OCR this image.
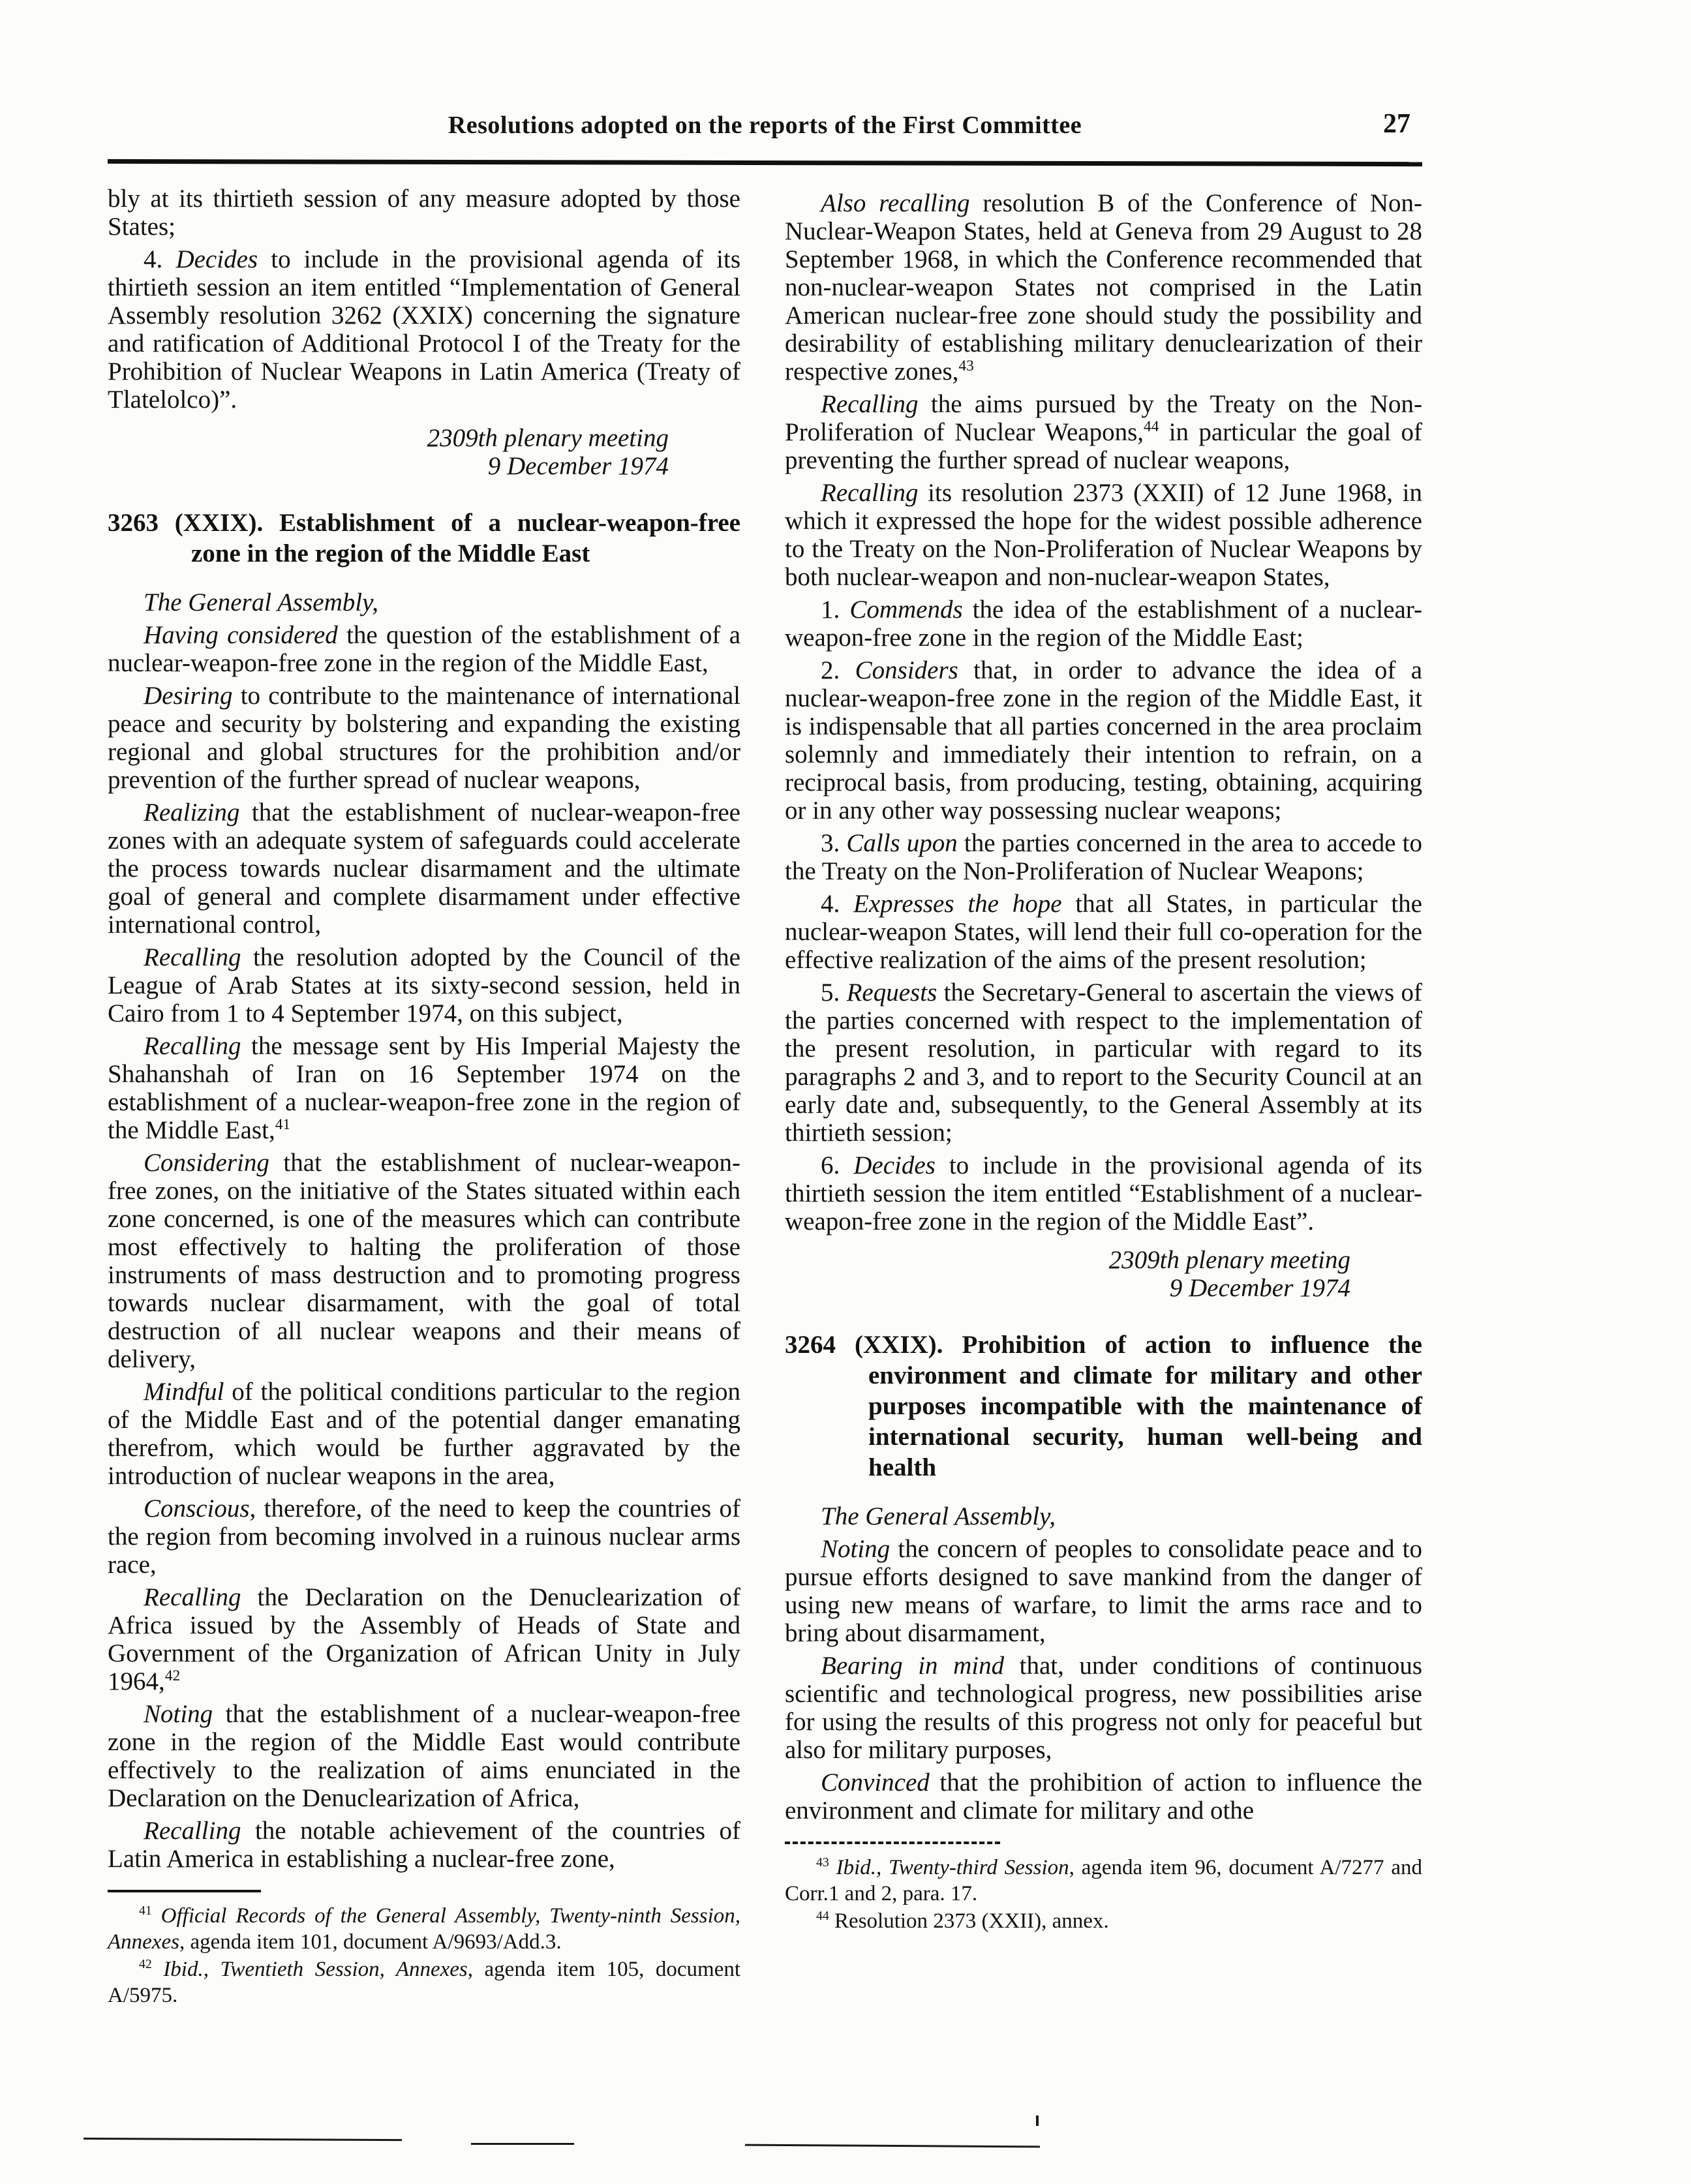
Resolutions adopted on the reports of the First Committee	27

bly at its thirtieth session of any measure adopted by those States;

4. Decides to include in the provisional agenda of its thirtieth session an item entitled “Implementation of General Assembly resolution 3262 (XXIX) concerning the signature and ratification of Additional Protocol I of the Treaty for the Prohibition of Nuclear Weapons in Latin America (Treaty of Tlatelolco)”.

2309th plenary meeting
9 December 1974
3263 (XXIX). Establishment of a nuclear-weapon-free zone in the region of the Middle East

The General Assembly,

Having considered the question of the establishment of a nuclear-weapon-free zone in the region of the Middle East,

Desiring to contribute to the maintenance of international peace and security by bolstering and expanding the existing regional and global structures for the prohibition and/or prevention of the further spread of nuclear weapons,

Realizing that the establishment of nuclear-weapon-free zones with an adequate system of safeguards could accelerate the process towards nuclear disarmament and the ultimate goal of general and complete disarmament under effective international control,

Recalling the resolution adopted by the Council of the League of Arab States at its sixty-second session, held in Cairo from 1 to 4 September 1974, on this subject,

Recalling the message sent by His Imperial Majesty the Shahanshah of Iran on 16 September 1974 on the establishment of a nuclear-weapon-free zone in the region of the Middle East,$^{41}$

Considering that the establishment of nuclear-weapon-free zones, on the initiative of the States situated within each zone concerned, is one of the measures which can contribute most effectively to halting the proliferation of those instruments of mass destruction and to promoting progress towards nuclear disarmament, with the goal of total destruction of all nuclear weapons and their means of delivery,

Mindful of the political conditions particular to the region of the Middle East and of the potential danger emanating therefrom, which would be further aggravated by the introduction of nuclear weapons in the area,

Conscious, therefore, of the need to keep the countries of the region from becoming involved in a ruinous nuclear arms race,

Recalling the Declaration on the Denuclearization of Africa issued by the Assembly of Heads of State and Government of the Organization of African Unity in July 1964,42

Noting that the establishment of a nuclear-weapon-free zone in the region of the Middle East would contribute effectively to the realization of aims enunciated in the Declaration on the Denuclearization of Africa,

Recalling the notable achievement of the countries of Latin America in establishing a nuclear-free zone,

$^{41}$ Official Records of the General Assembly, Twenty-ninth Session, Annexes, agenda item 101, document A/9693/Add.3.

$^{42}$ Ibid., Twentieth Session, Annexes, agenda item 105, document A/5975.

Also recalling resolution B of the Conference of Non-Nuclear-Weapon States, held at Geneva from 29 August to 28 September 1968, in which the Conference recommended that non-nuclear-weapon States not comprised in the Latin American nuclear-free zone should study the possibility and desirability of establishing military denuclearization of their respective zones,$^{43}$

Recalling the aims pursued by the Treaty on the Non-Proliferation of Nuclear Weapons,$^{44}$ in particular the goal of preventing the further spread of nuclear weapons,

Recalling its resolution 2373 (XXII) of 12 June 1968, in which it expressed the hope for the widest possible adherence to the Treaty on the Non-Proliferation of Nuclear Weapons by both nuclear-weapon and non-nuclear-weapon States,

1. Commends the idea of the establishment of a nuclear-weapon-free zone in the region of the Middle East;

2. Considers that, in order to advance the idea of a nuclear-weapon-free zone in the region of the Middle East, it is indispensable that all parties concerned in the area proclaim solemnly and immediately their intention to refrain, on a reciprocal basis, from producing, testing, obtaining, acquiring or in any other way possessing nuclear weapons;

3. Calls upon the parties concerned in the area to accede to the Treaty on the Non-Proliferation of Nuclear Weapons;

4. Expresses the hope that all States, in particular the nuclear-weapon States, will lend their full co-operation for the effective realization of the aims of the present resolution;

5. Requests the Secretary-General to ascertain the views of the parties concerned with respect to the implementation of the present resolution, in particular with regard to its paragraphs 2 and 3, and to report to the Security Council at an early date and, subsequently, to the General Assembly at its thirtieth session;

6. Decides to include in the provisional agenda of its thirtieth session the item entitled “Establishment of a nuclear-weapon-free zone in the region of the Middle East”.

2309th plenary meeting
9 December 1974
3264 (XXIX). Prohibition of action to influence the environment and climate for military and other purposes incompatible with the maintenance of international security, human well-being and health

The General Assembly,

Noting the concern of peoples to consolidate peace and to pursue efforts designed to save mankind from the danger of using new means of warfare, to limit the arms race and to bring about disarmament,

Bearing in mind that, under conditions of continuous scientific and technological progress, new possibilities arise for using the results of this progress not only for peaceful but also for military purposes,

Convinced that the prohibition of action to influence the environment and climate for military and othe

$^{43}$ Ibid., Twenty-third Session, agenda item 96, document A/7277 and Corr.1 and 2, para. 17.

$^{44}$ Resolution 2373 (XXII), annex.
